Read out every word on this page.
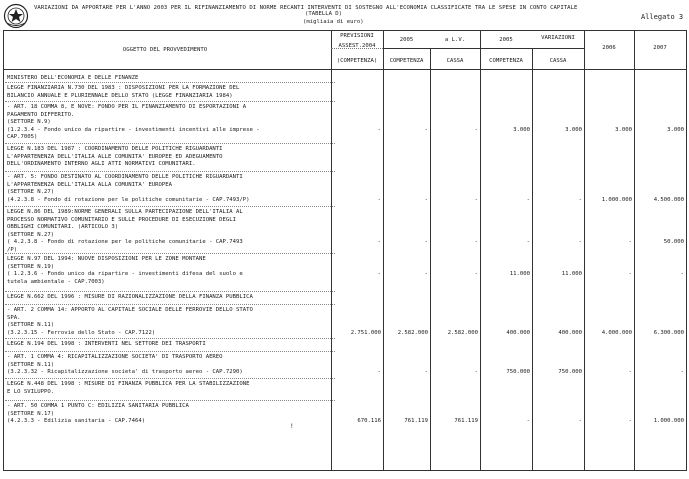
VARIAZIONI DA APPORTARE PER L'ANNO 2003 PER IL RIFINANZIAMENTO DI NORME RECANTI INTERVENTI DI SOSTEGNO ALL'ECONOMIA CLASSIFICATE TRA LE SPESE IN CONTO CAPITALE
(TABELLA D)
(migliaia di euro)
Allegato 3
OGGETTO DEL PROVVEDIMENTO
PREVISIONI
ASSEST.2004
(COMPETENZA)
2005	a L.V.	2005	VARIAZIONI
COMPETENZA	CASSA	COMPETENZA	CASSA
2006	2007
MINISTERO DELL'ECONOMIA E DELLE FINANZE
LEGGE FINANZIARIA N.730 DEL 1983 : DISPOSIZIONI PER LA FORMAZIONE DEL
BILANCIO ANNUALE E PLURIENNALE DELLO STATO (LEGGE FINANZIARIA 1984)
- ART. 18 COMMA 8, E NOVE: FONDO PER IL FINANZIAMENTO DI ESPORTAZIONI A
PAGAMENTO DIFFERITO.
(SETTORE N.9)
(1.2.3.4 - Fondo unico da ripartire - investimenti incentivi alle imprese -
CAP.7005)
-	-	-	3.000	3.000	3.000	3.000
LEGGE N.183 DEL 1987 : COORDINAMENTO DELLE POLITICHE RIGUARDANTI
L'APPARTENENZA DELL'ITALIA ALLE COMUNITA' EUROPEE ED ADEGUAMENTO
DELL'ORDINAMENTO INTERNO AGLI ATTI NORMATIVI COMUNITARI.
- ART. 5: FONDO DESTINATO AL COORDINAMENTO DELLE POLITICHE RIGUARDANTI
L'APPARTENENZA DELL'ITALIA ALLA COMUNITA' EUROPEA
(SETTORE N.27)
(4.2.3.8 - Fondo di rotazione per le politiche comunitarie - CAP.7493/P)	-	-	-	-	-	1.000.000	4.500.000
LEGGE N.86 DEL 1989:NORME GENERALI SULLA PARTECIPAZIONE DELL'ITALIA AL
PROCESSO NORMATIVO COMUNITARIO E SULLE PROCEDURE DI ESECUZIONE DEGLI
OBBLIGHI COMUNITARI. (ARTICOLO 3)
(SETTORE N.27)
( 4.2.3.8 - Fondo di rotazione per le politiche comunitarie - CAP.7493
/P)
-	-	-	-	-	-	50.000
LEGGE N.97 DEL 1994: NUOVE DISPOSIZIONI PER LE ZONE MONTANE
(SETTORE N.19)
( 1.2.3.6 - Fondo unico da ripartire - investimenti difesa del suolo e
tutela ambientale - CAP.7003)
-	-	-	11.000	11.000	-	-
LEGGE N.662 DEL 1996 : MISURE DI RAZIONALIZZAZIONE DELLA FINANZA PUBBLICA
- ART. 2 COMMA 14: APPORTO AL CAPITALE SOCIALE DELLE FERROVIE DELLO STATO
SPA.
(SETTORE N.11)
(3.2.3.15 - Ferrovie dello Stato - CAP.7122)	2.751.000	2.582.000	2.582.000	400.000	400.000	4.000.000	6.300.000
LEGGE N.194 DEL 1998 : INTERVENTI NEL SETTORE DEI TRASPORTI
- ART. 1 COMMA 4: RICAPITALIZZAZIONE SOCIETA' DI TRASPORTO AEREO
(SETTORE N.11)
(3.2.3.32 - Ricapitalizzazione societa' di trasporto aereo - CAP.7290)	-	-	-	750.000	750.000	-	-
LEGGE N.448 DEL 1998 : MISURE DI FINANZA PUBBLICA PER LA STABILIZZAZIONE
E LO SVILUPPO.
- ART. 50 COMMA 1 PUNTO C: EDILIZIA SANITARIA PUBBLICA
(SETTORE N.17)
(4.2.3.3 - Edilizia sanitaria - CAP.7464)	670.116	761.119	761.119	-	-	-	1.000.000
!
